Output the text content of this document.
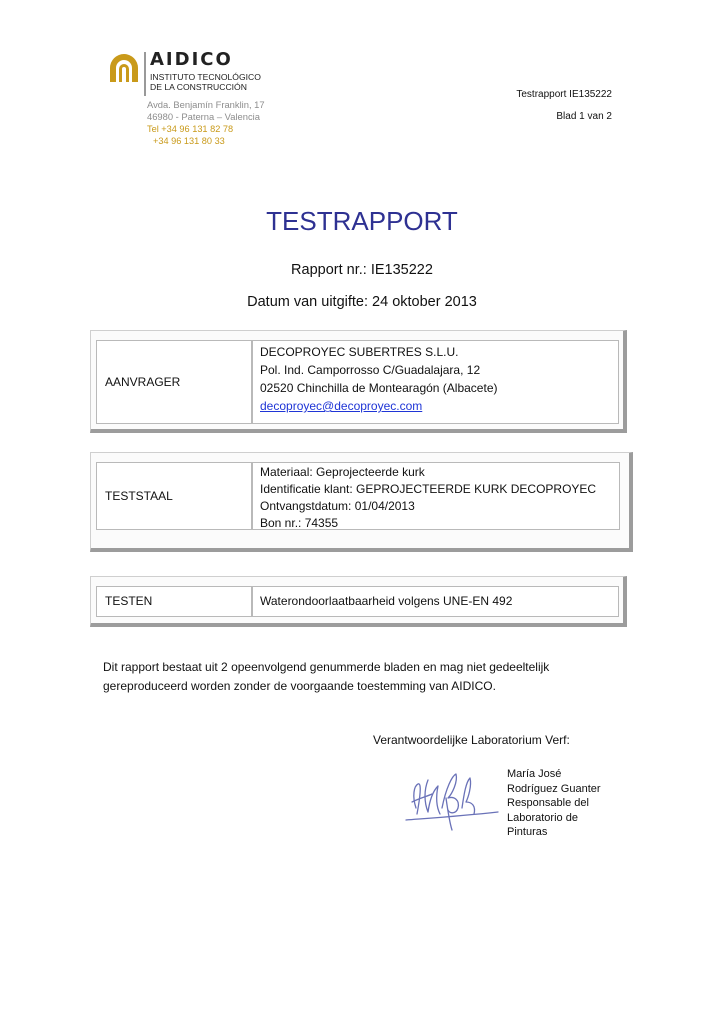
AIDICO
INSTITUTO TECNOLÓGICO
DE LA CONSTRUCCIÓN
Avda. Benjamín Franklin, 17
46980 - Paterna – Valencia
Tel +34 96 131 82 78
+34 96 131 80 33
Testrapport IE135222
Blad 1 van 2
TESTRAPPORT
Rapport nr.: IE135222
Datum van uitgifte: 24 oktober 2013
AANVRAGER
DECOPROYEC SUBERTRES S.L.U.
Pol. Ind. Camporrosso C/Guadalajara, 12
02520 Chinchilla de Montearagón (Albacete)
decoproyec@decoproyec.com
TESTSTAAL
Materiaal: Geprojecteerde kurk
Identificatie klant: GEPROJECTEERDE KURK DECOPROYEC
Ontvangstdatum: 01/04/2013
Bon nr.: 74355
TESTEN	Waterondoorlaatbaarheid volgens UNE-EN 492
Dit rapport bestaat uit 2 opeenvolgend genummerde bladen en mag niet gedeeltelijk
gereproduceerd worden zonder de voorgaande toestemming van AIDICO.
Verantwoordelijke Laboratorium Verf:
María José
Rodríguez Guanter
Responsable del
Laboratorio de
Pinturas
